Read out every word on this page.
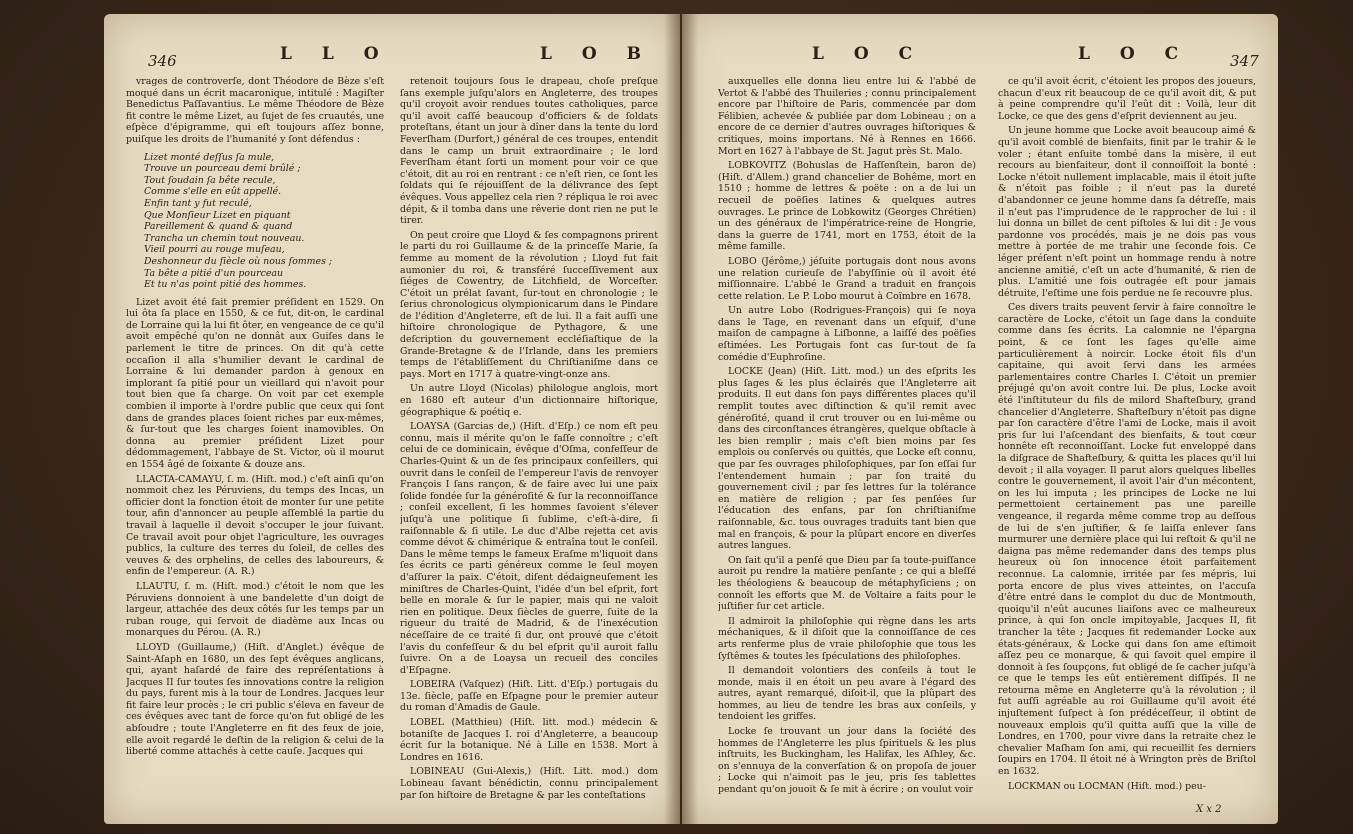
346	L L O	L O B

vrages de controverſe, dont Théodore de Bèze s'eſt moqué dans un écrit macaronique, intitulé : Magiſter Benedictus Paſſavantius. Le même Théodore de Bèze fit contre le même Lizet, au ſujet de ſes cruautés, une eſpèce d'épigramme, qui eſt toujours aſſez bonne, puiſque les droits de l'humanité y ſont défendus :

Lizet monté deſſus ſa mule,
Trouve un pourceau demi brûlé ;
Tout ſoudain ſa bête recule,
Comme s'elle en eût appellé.
Enfin tant y fut reculé,
Que Monſieur Lizet en piquant
Pareillement & quand & quand
Trancha un chemin tout nouveau.
Vieil pourri au rouge muſeau,
Deshonneur du ſiècle où nous ſommes ;
Ta bête a pitié d'un pourceau
Et tu n'as point pitié des hommes.

Lizet avoit été fait premier préſident en 1529. On lui ôta ſa place en 1550, & ce fut, dit-on, le cardinal de Lorraine qui la lui fit ôter, en vengeance de ce qu'il avoit empêché qu'on ne donnât aux Guiſes dans le parlement le titre de princes. On dit qu'à cette occaſion il alla s'humilier devant le cardinal de Lorraine & lui demander pardon à genoux en implorant ſa pitié pour un vieillard qui n'avoit pour tout bien que ſa charge. On voit par cet exemple combien il importe à l'ordre public que ceux qui ſont dans de grandes places ſoient riches par eux-mêmes, & ſur-tout que les charges ſoient inamovibles. On donna au premier préſident Lizet pour dédommagement, l'abbaye de St. Victor, où il mourut en 1554 âgé de ſoixante & douze ans.

LLACTA-CAMAYU, ſ. m. (Hiſt. mod.) c'eſt ainſi qu'on nommoit chez les Péruviens, du temps des Incas, un officier dont la fonction étoit de monter ſur une petite tour, afin d'annoncer au peuple aſſemblé la partie du travail à laquelle il devoit s'occuper le jour ſuivant. Ce travail avoit pour objet l'agriculture, les ouvrages publics, la culture des terres du ſoleil, de celles des veuves & des orphelins, de celles des laboureurs, & enfin de l'empereur. (A. R.)

LLAUTU, ſ. m. (Hiſt. mod.) c'étoit le nom que les Péruviens donnoient à une bandelette d'un doigt de largeur, attachée des deux côtés ſur les temps par un ruban rouge, qui ſervoit de diadème aux Incas ou monarques du Pérou. (A. R.)

LLOYD (Guillaume,) (Hiſt. d'Anglet.) évêque de Saint-Aſaph en 1680, un des ſept évêques anglicans, qui, ayant haſardé de faire des repréſentations à Jacques II ſur toutes ſes innovations contre la religion du pays, furent mis à la tour de Londres. Jacques leur fit faire leur procès ; le cri public s'éleva en faveur de ces évêques avec tant de force qu'on fut obligé de les abſoudre ; toute l'Angleterre en fit des feux de joie, elle avoit regardé le deſtin de la religion & celui de la liberté comme attachés à cette cauſe. Jacques qui

retenoit toujours ſous le drapeau, choſe preſque ſans exemple juſqu'alors en Angleterre, des troupes qu'il croyoit avoir rendues toutes catholiques, parce qu'il avoit caſſé beaucoup d'officiers & de ſoldats proteſtans, étant un jour à dîner dans la tente du lord Feverſham (Durfort,) général de ces troupes, entendit dans le camp un bruit extraordinaire ; le lord Feverſham étant ſorti un moment pour voir ce que c'étoit, dit au roi en rentrant : ce n'eſt rien, ce ſont les ſoldats qui ſe réjouiſſent de la délivrance des ſept évêques. Vous appellez cela rien ? répliqua le roi avec dépit, & il tomba dans une rêverie dont rien ne put le tirer.

On peut croire que Lloyd & ſes compagnons prirent le parti du roi Guillaume & de la princeſſe Marie, ſa femme au moment de la révolution ; Lloyd fut fait aumonier du roi, & transféré ſucceſſivement aux ſiéges de Cowentry, de Litchfield, de Worceſter. C'étoit un prélat ſavant, ſur-tout en chronologie ; le ſerius chronologicus olympionicarum dans le Pindare de l'édition d'Angleterre, eſt de lui. Il a fait auſſi une hiſtoire chronologique de Pythagore, & une deſcription du gouvernement eccléſiaſtique de la Grande-Bretagne & de l'Irlande, dans les premiers temps de l'établiſſement du Chriſtianiſme dans ce pays. Mort en 1717 à quatre-vingt-onze ans.

Un autre Lloyd (Nicolas) philologue anglois, mort en 1680 eſt auteur d'un dictionnaire hiſtorique, géographique & poétiq e.

LOAYSA (Garcias de,) (Hiſt. d'Eſp.) ce nom eſt peu connu, mais il mérite qu'on le faſſe connoître ; c'eſt celui de ce dominicain, évêque d'Oſma, confeſſeur de Charles-Quint & un de ſes principaux conſeillers, qui ouvrit dans le conſeil de l'empereur l'avis de renvoyer François I ſans rançon, & de faire avec lui une paix ſolide fondée ſur la généroſité & ſur la reconnoiſſance ; conſeil excellent, ſi les hommes ſavoient s'élever juſqu'à une politique ſi ſublime, c'eſt-à-dire, ſi raiſonnable & ſi utile. Le duc d'Albe rejetta cet avis comme dévot & chimérique & entraîna tout le conſeil. Dans le même temps le fameux Eraſme m'liquoit dans ſes écrits ce parti généreux comme le ſeul moyen d'aſſurer la paix. C'étoit, diſent dédaigneuſement les miniſtres de Charles-Quint, l'idée d'un bel eſprit, fort belle en morale & ſur le papier, mais qui ne valoit rien en politique. Deux ſiècles de guerre, ſuite de la rigueur du traité de Madrid, & de l'inexécution néceſſaire de ce traité ſi dur, ont prouvé que c'étoit l'avis du confeſſeur & du bel eſprit qu'il auroit fallu ſuivre. On a de Loaysa un recueil des conciles d'Eſpagne.

LOBEIRA (Vaſquez) (Hiſt. Litt. d'Eſp.) portugais du 13e. ſiècle, paſſe en Eſpagne pour le premier auteur du roman d'Amadis de Gaule.

LOBEL (Matthieu) (Hiſt. litt. mod.) médecin & botaniſte de Jacques I. roi d'Angleterre, a beaucoup écrit ſur la botanique. Né à Lille en 1538. Mort à Londres en 1616.

LOBINEAU (Gui-Alexis,) (Hiſt. Litt. mod.) dom Lobineau ſavant bénédictin, connu principalement par ſon hiſtoire de Bretagne & par les conteſtations

L O C	L O C	347

auxquelles elle donna lieu entre lui & l'abbé de Vertot & l'abbé des Thuileries ; connu principalement encore par l'hiſtoire de Paris, commencée par dom Félibien, achevée & publiée par dom Lobineau ; on a encore de ce dernier d'autres ouvrages hiſtoriques & critiques, moins importans. Né à Rennes en 1666. Mort en 1627 à l'abbaye de St. Jagut près St. Malo.

LOBKOVITZ (Bohuslas de Haſſenſtein, baron de) (Hiſt. d'Allem.) grand chancelier de Bohême, mort en 1510 ; homme de lettres & poëte : on a de lui un recueil de poëſies latines & quelques autres ouvrages. Le prince de Lobkowitz (Georges Chrétien) un des généraux de l'impératrice-reine de Hongrie, dans la guerre de 1741, mort en 1753, étoit de la même famille.

LOBO (Jérôme,) jéſuite portugais dont nous avons une relation curieuſe de l'abyſſinie où il avoit été miſſionnaire. L'abbé le Grand a traduit en françois cette relation. Le P. Lobo mourut à Coïmbre en 1678.

Un autre Lobo (Rodrigues-François) qui ſe noya dans le Tage, en revenant dans un eſquif, d'une maiſon de campagne à Liſbonne, a laiſſé des poëſies eſtimées. Les Portugais font cas ſur-tout de ſa comédie d'Euphroſine.

LOCKE (Jean) (Hiſt. Litt. mod.) un des eſprits les plus ſages & les plus éclairés que l'Angleterre ait produits. Il eut dans ſon pays différentes places qu'il remplit toutes avec diſtinction & qu'il remit avec généroſité, quand il crut trouver ou en lui-même ou dans des circonſtances étrangères, quelque obſtacle à les bien remplir ; mais c'eſt bien moins par ſes emplois ou conſervés ou quittés, que Locke eſt connu, que par ſes ouvrages philoſophiques, par ſon eſſai ſur l'entendement humain ; par ſon traité du gouvernement civil ; par ſes lettres ſur la tolérance en matière de religion ; par ſes penſées ſur l'éducation des enfans, par ſon chriſtianiſme raiſonnable, &c. tous ouvrages traduits tant bien que mal en françois, & pour la plûpart encore en diverſes autres langues.

On ſait qu'il a penſé que Dieu par ſa toute-puiſſance auroit pu rendre la matière penſante ; ce qui a bleſſé les théologiens & beaucoup de métaphyſiciens ; on connoît les efforts que M. de Voltaire a faits pour le juſtifier ſur cet article.

Il admiroit la philoſophie qui règne dans les arts méchaniques, & il diſoit que la connoiſſance de ces arts renferme plus de vraie philoſophie que tous les ſyſtêmes & toutes les ſpéculations des philoſophes.

Il demandoit volontiers des conſeils à tout le monde, mais il en étoit un peu avare à l'égard des autres, ayant remarqué, diſoit-il, que la plûpart des hommes, au lieu de tendre les bras aux conſeils, y tendoient les griffes.

Locke ſe trouvant un jour dans la ſociété des hommes de l'Angleterre les plus ſpirituels & les plus inſtruits, les Buckingham, les Halifax, les Aſhley, &c. on s'ennuya de la converſation & on propoſa de jouer ; Locke qui n'aimoit pas le jeu, pris ſes tablettes pendant qu'on jouoit & ſe mit à écrire ; on voulut voir

ce qu'il avoit écrit, c'étoient les propos des joueurs, chacun d'eux rit beaucoup de ce qu'il avoit dit, & put à peine comprendre qu'il l'eût dit : Voilà, leur dit Locke, ce que des gens d'eſprit deviennent au jeu.

Un jeune homme que Locke avoit beaucoup aimé & qu'il avoit comblé de bienfaits, finit par le trahir & le voler ; étant enſuite tombé dans la misère, il eut recours au bienfaiteur, dont il connoiſſoit la bonté : Locke n'étoit nullement implacable, mais il étoit juſte & n'étoit pas foible ; il n'eut pas la dureté d'abandonner ce jeune homme dans ſa détreſſe, mais il n'eut pas l'imprudence de le rapprocher de lui : il lui donna un billet de cent piſtoles & lui dit : Je vous pardonne vos procédés, mais je ne dois pas vous mettre à portée de me trahir une ſeconde fois. Ce léger préſent n'eſt point un hommage rendu à notre ancienne amitié, c'eſt un acte d'humanité, & rien de plus. L'amitié une fois outragée eſt pour jamais détruite, l'eſtime une fois perdue ne ſe recouvre plus.

Ces divers traits peuvent ſervir à faire connoître le caractère de Locke, c'étoit un ſage dans la conduite comme dans ſes écrits. La calomnie ne l'épargna point, & ce ſont les ſages qu'elle aime particulièrement à noircir. Locke étoit fils d'un capitaine, qui avoit ſervi dans les armées parlementaires contre Charles I. C'étoit un premier préjugé qu'on avoit contre lui. De plus, Locke avoit été l'inſtituteur du fils de milord Shafteſbury, grand chancelier d'Angleterre. Shafteſbury n'étoit pas digne par ſon caractère d'être l'ami de Locke, mais il avoit pris ſur lui l'aſcendant des bienfaits, & tout cœur honnête eſt reconnoiſſant. Locke fut enveloppé dans la diſgrace de Shafteſbury, & quitta les places qu'il lui devoit ; il alla voyager. Il parut alors quelques libelles contre le gouvernement, il avoit l'air d'un mécontent, on les lui imputa ; les principes de Locke ne lui permettoient certainement pas une pareille vengeance, il regarda même comme trop au deſſous de lui de s'en juſtifier, & ſe laiſſa enlever ſans murmurer une dernière place qui lui reſtoit & qu'il ne daigna pas même redemander dans des temps plus heureux où ſon innocence étoit parfaitement reconnue. La calomnie, irritée par ſes mépris, lui porta encore de plus vives atteintes, on l'accuſa d'être entré dans le complot du duc de Montmouth, quoiqu'il n'eût aucunes liaiſons avec ce malheureux prince, à qui ſon oncle impitoyable, Jacques II, fit trancher la tête ; Jacques fit redemander Locke aux états-généraux, & Locke qui dans ſon ame eſtimoit aſſez peu ce monarque, & qui ſavoit quel empire il donnoit à ſes ſoupçons, fut obligé de ſe cacher juſqu'à ce que le temps les eût entièrement diſſipés. Il ne retourna même en Angleterre qu'à la révolution ; il fut auſſi agréable au roi Guillaume qu'il avoit été injuſtement ſuſpect à ſon prédéceſſeur, il obtint de nouveaux emplois qu'il quitta auſſi que la ville de Londres, en 1700, pour vivre dans la retraite chez le chevalier Maſham ſon ami, qui recueillit ſes derniers ſoupirs en 1704. Il étoit né à Wrington près de Briſtol en 1632.

LOCKMAN ou LOCMAN (Hiſt. mod.) peu-

X x 2
